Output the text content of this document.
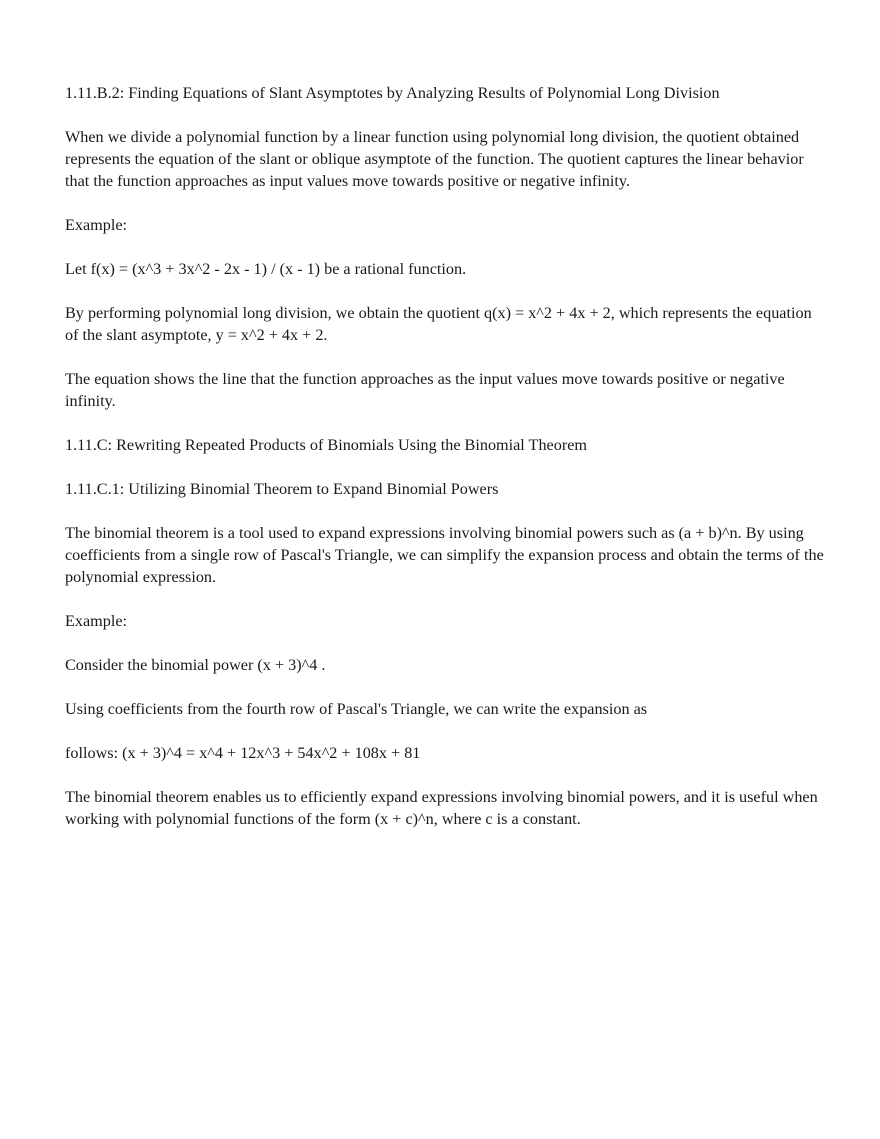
1.11.B.2: Finding Equations of Slant Asymptotes by Analyzing Results of Polynomial Long Division

When we divide a polynomial function by a linear function using polynomial long division, the quotient obtained represents the equation of the slant or oblique asymptote of the function. The quotient captures the linear behavior that the function approaches as input values move towards positive or negative infinity.

Example:

Let f(x) = (x^3 + 3x^2 - 2x - 1) / (x - 1) be a rational function.

By performing polynomial long division, we obtain the quotient q(x) = x^2 + 4x + 2, which represents the equation of the slant asymptote, y = x^2 + 4x + 2.

The equation shows the line that the function approaches as the input values move towards positive or negative infinity.

1.11.C: Rewriting Repeated Products of Binomials Using the Binomial Theorem

1.11.C.1: Utilizing Binomial Theorem to Expand Binomial Powers

The binomial theorem is a tool used to expand expressions involving binomial powers such as (a + b)^n. By using coefficients from a single row of Pascal's Triangle, we can simplify the expansion process and obtain the terms of the polynomial expression.

Example:

Consider the binomial power (x + 3)^4 .

Using coefficients from the fourth row of Pascal's Triangle, we can write the expansion as

follows: (x + 3)^4 = x^4 + 12x^3 + 54x^2 + 108x + 81

The binomial theorem enables us to efficiently expand expressions involving binomial powers, and it is useful when working with polynomial functions of the form (x + c)^n, where c is a constant.
